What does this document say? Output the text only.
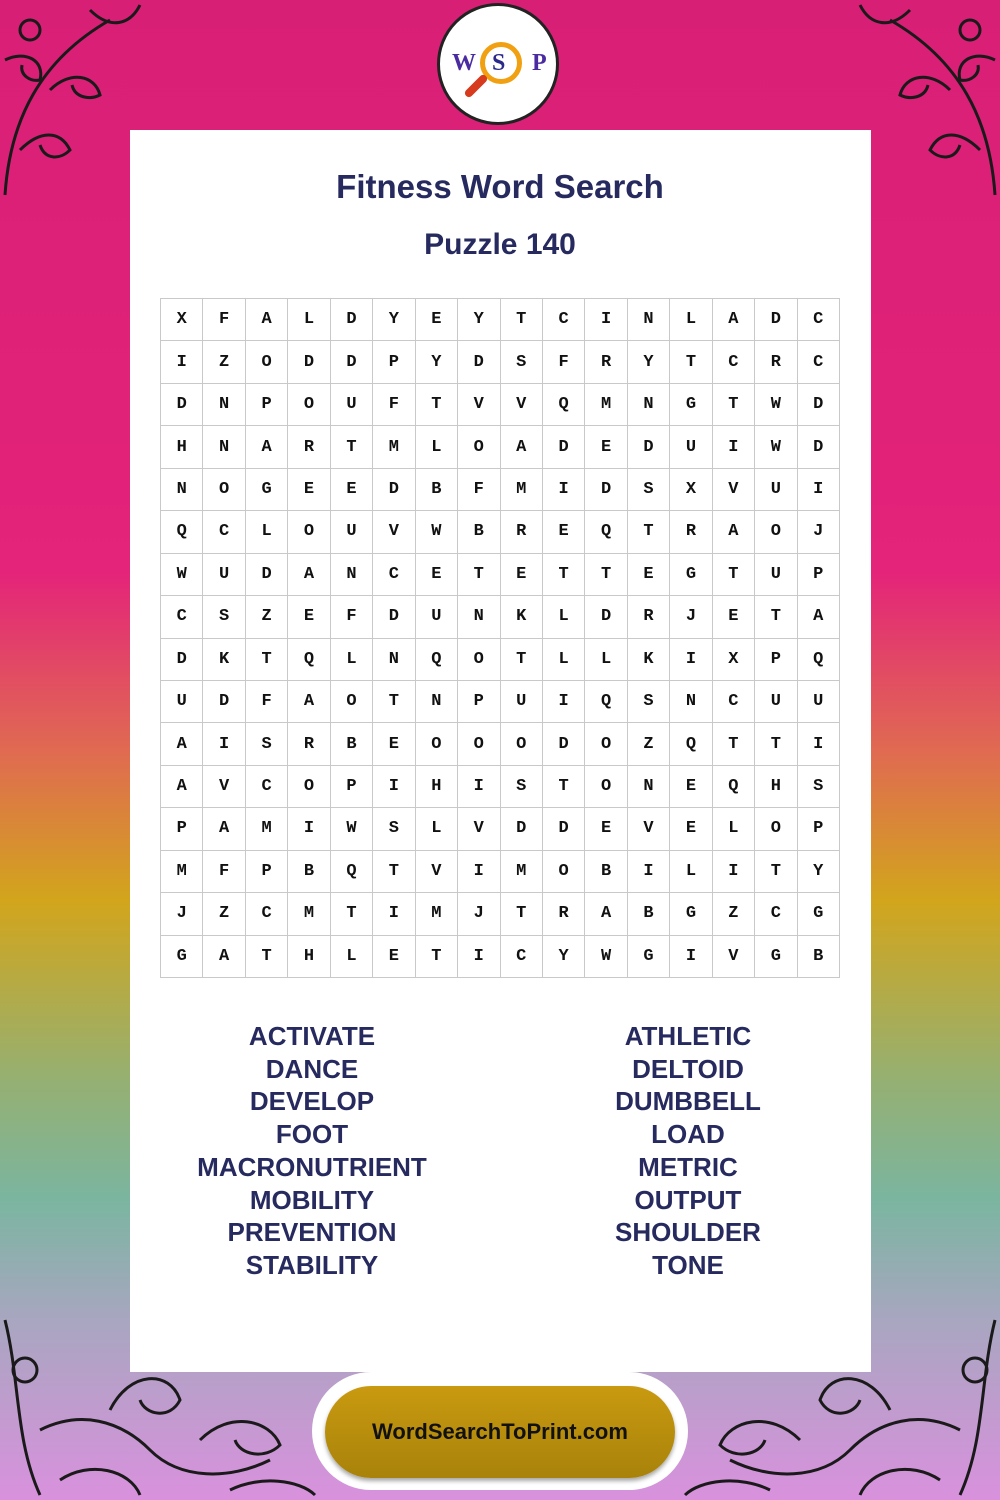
W S P
Fitness Word Search
Puzzle 140
X	F	A	L	D	Y	E	Y	T	C	I	N	L	A	D	C
I	Z	O	D	D	P	Y	D	S	F	R	Y	T	C	R	C
D	N	P	O	U	F	T	V	V	Q	M	N	G	T	W	D
H	N	A	R	T	M	L	O	A	D	E	D	U	I	W	D
N	O	G	E	E	D	B	F	M	I	D	S	X	V	U	I
Q	C	L	O	U	V	W	B	R	E	Q	T	R	A	O	J
W	U	D	A	N	C	E	T	E	T	T	E	G	T	U	P
C	S	Z	E	F	D	U	N	K	L	D	R	J	E	T	A
D	K	T	Q	L	N	Q	O	T	L	L	K	I	X	P	Q
U	D	F	A	O	T	N	P	U	I	Q	S	N	C	U	U
A	I	S	R	B	E	O	O	O	D	O	Z	Q	T	T	I
A	V	C	O	P	I	H	I	S	T	O	N	E	Q	H	S
P	A	M	I	W	S	L	V	D	D	E	V	E	L	O	P
M	F	P	B	Q	T	V	I	M	O	B	I	L	I	T	Y
J	Z	C	M	T	I	M	J	T	R	A	B	G	Z	C	G
G	A	T	H	L	E	T	I	C	Y	W	G	I	V	G	B
ACTIVATE
DANCE
DEVELOP
FOOT
MACRONUTRIENT
MOBILITY
PREVENTION
STABILITY
ATHLETIC
DELTOID
DUMBBELL
LOAD
METRIC
OUTPUT
SHOULDER
TONE
WordSearchToPrint.com
